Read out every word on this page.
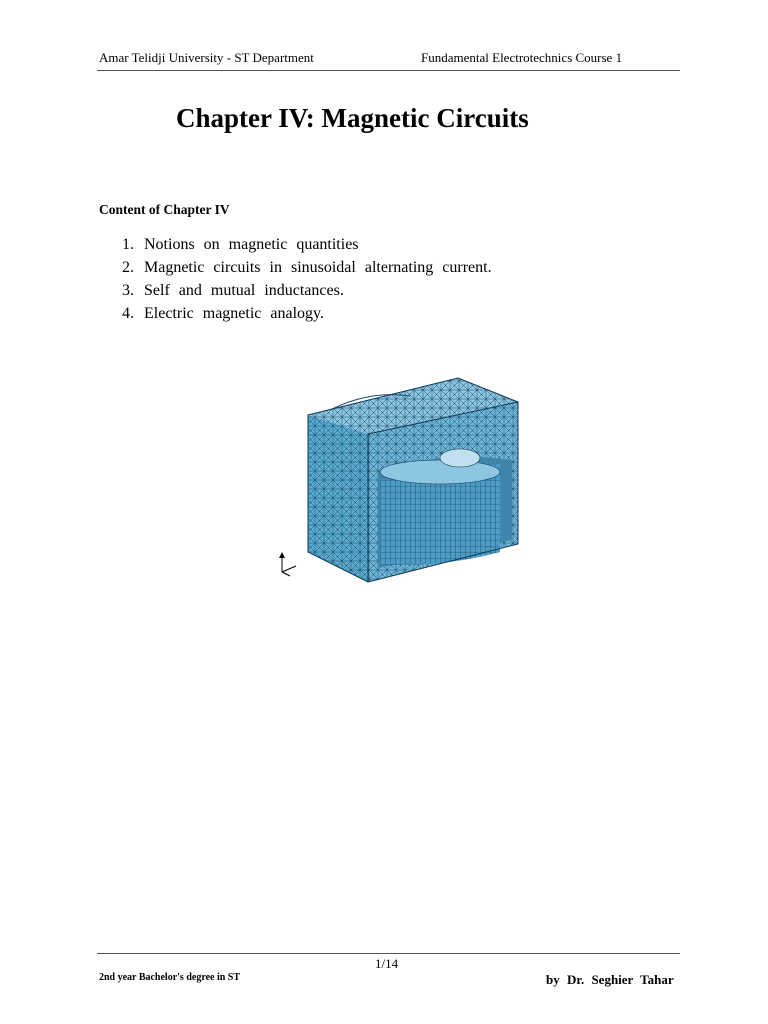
Amar Telidji University - ST Department	Fundamental Electrotechnics Course 1
Chapter IV: Magnetic Circuits
Content of Chapter IV
1. Notions on magnetic quantities
2. Magnetic circuits in sinusoidal alternating current.
3. Self and mutual inductances.
4. Electric magnetic analogy.
1/14
2nd year Bachelor's degree in ST	by Dr. Seghier Tahar
